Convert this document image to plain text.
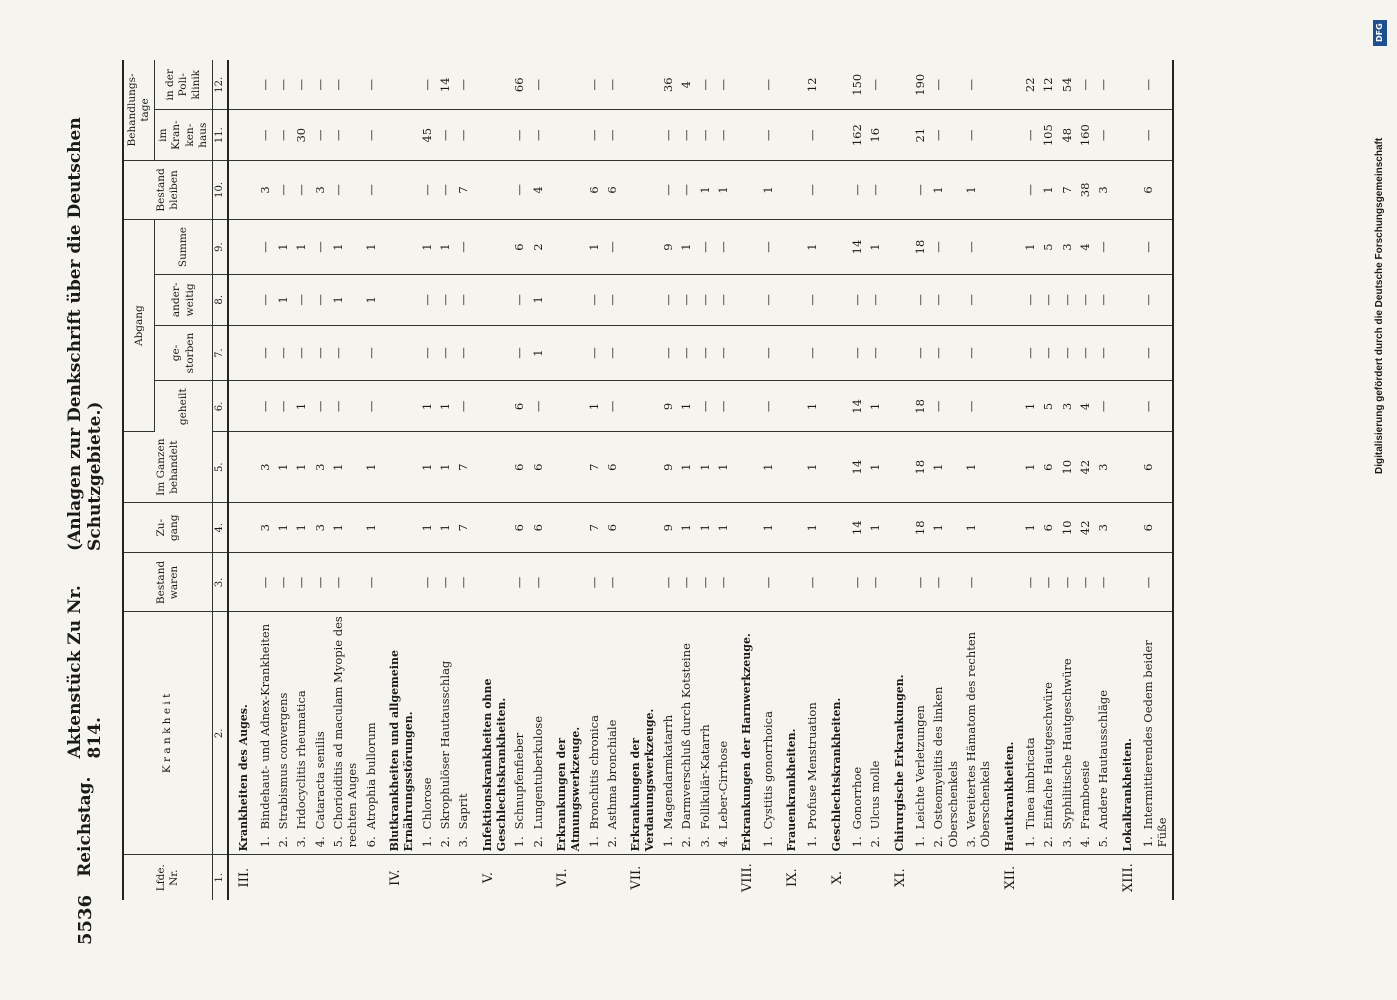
5536
Reichstag.
Aktenstück Zu Nr. 814.
(Anlagen zur Denkschrift über die Deutschen Schutzgebiete.)
Lfde. Nr.	K r a n k h e i t	Bestand waren	Zu- gang	Im Ganzen behandelt	Abgang				Bestand bleiben	Behandlungs- tage	
					geheilt	ge- storben	ander- weitig	Summe		im Kran- ken- haus	in der Poli- klinik
1.	2.	3.	4.	5.	6.	7.	8.	9.	10.	11.	12.
III.	Krankheiten des Auges.										

	1.Bindehaut- und Adnex-Krankheiten	—	3	3	—	—	—	—	3	—	—

	2.Strabismus convergens	—	1	1	—	—	1	1	—	—	—

	3.Iridocyclitis rheumatica	—	1	1	1	—	—	1	—	30	—

	4.Cataracta senilis	—	3	3	—	—	—	—	3	—	—

	5.Chorioiditis ad maculam Myopie des rechten Auges	—	1	1	—	—	1	1	—	—	—

	6.Atrophia bullorum	—	1	1	—	—	1	1	—	—	—
IV.	Blutkrankheiten und allgemeine Ernährungsstörungen.										

	1.Chlorose	—	1	1	1	—	—	1	—	45	—

	2.Skrophulöser Hautausschlag	—	1	1	1	—	—	1	—	—	14

	3.Saprit	—	7	7	—	—	—	—	7	—	—
V.	Infektionskrankheiten ohne Geschlechtskrankheiten.										

	1.Schnupfenfieber	—	6	6	6	—	—	6	—	—	66

	2.Lungentuberkulose	—	6	6	—	1	1	2	4	—	—
VI.	Erkrankungen der Atmungswerkzeuge.										

	1.Bronchitis chronica	—	7	7	1	—	—	1	6	—	—

	2.Asthma bronchiale	—	6	6	—	—	—	—	6	—	—
VII.	Erkrankungen der Verdauungswerkzeuge.										

	1.Magendarmkatarrh	—	9	9	9	—	—	9	—	—	36

	2.Darmverschluß durch Kotsteine	—	1	1	1	—	—	1	—	—	4

	3.Follikulär-Katarrh	—	1	1	—	—	—	—	1	—	—

	4.Leber-Cirrhose	—	1	1	—	—	—	—	1	—	—
VIII.	Erkrankungen der Harnwerkzeuge.										

	1.Cystitis gonorrhoica	—	1	1	—	—	—	—	1	—	—
IX.	Frauenkrankheiten.										

	1.Profuse Menstruation	—	1	1	1	—	—	1	—	—	12
X.	Geschlechtskrankheiten.										

	1.Gonorrhoe	—	14	14	14	—	—	14	—	162	150

	2.Ulcus molle	—	1	1	1	—	—	1	—	16	—
XI.	Chirurgische Erkrankungen.										

	1.Leichte Verletzungen	—	18	18	18	—	—	18	—	21	190

	2.Osteomyelitis des linken Oberschenkels	—	1	1	—	—	—	—	1	—	—

	3.Vereitertes Hämatom des rechten Oberschenkels	—	1	1	—	—	—	—	1	—	—
XII.	Hautkrankheiten.										

	1.Tinea imbricata	—	1	1	1	—	—	1	—	—	22

	2.Einfache Hautgeschwüre	—	6	6	5	—	—	5	1	105	12

	3.Syphilitische Hautgeschwüre	—	10	10	3	—	—	3	7	48	54

	4.Framboesie	—	42	42	4	—	—	4	38	160	—

	5.Andere Hautausschläge	—	3	3	—	—	—	—	3	—	—
XIII.	Lokalkrankheiten.										

	1.Intermittierendes Oedem beider Füße	—	6	6	—	—	—	—	6	—	—
DFG
Digitalisierung gefördert durch die Deutsche Forschungsgemeinschaft
